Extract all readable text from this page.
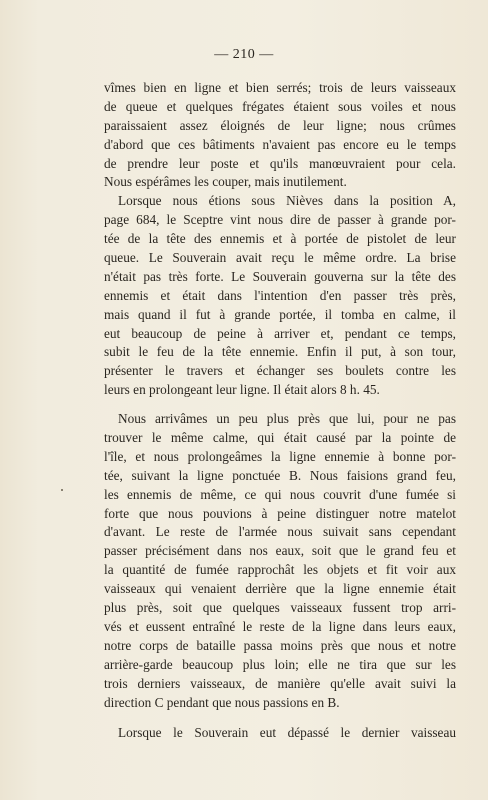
— 210 —
vîmes bien en ligne et bien serrés; trois de leurs vaisseaux
de queue et quelques frégates étaient sous voiles et nous
paraissaient assez éloignés de leur ligne; nous crûmes
d'abord que ces bâtiments n'avaient pas encore eu le temps
de prendre leur poste et qu'ils manœuvraient pour cela.
Nous espérâmes les couper, mais inutilement.
Lorsque nous étions sous Nièves dans la position A,
page 684, le Sceptre vint nous dire de passer à grande por-
tée de la tête des ennemis et à portée de pistolet de leur
queue. Le Souverain avait reçu le même ordre. La brise
n'était pas très forte. Le Souverain gouverna sur la tête des
ennemis et était dans l'intention d'en passer très près,
mais quand il fut à grande portée, il tomba en calme, il
eut beaucoup de peine à arriver et, pendant ce temps,
subit le feu de la tête ennemie. Enfin il put, à son tour,
présenter le travers et échanger ses boulets contre les
leurs en prolongeant leur ligne. Il était alors 8 h. 45.
Nous arrivâmes un peu plus près que lui, pour ne pas
trouver le même calme, qui était causé par la pointe de
l'île, et nous prolongeâmes la ligne ennemie à bonne por-
tée, suivant la ligne ponctuée B. Nous faisions grand feu,
les ennemis de même, ce qui nous couvrit d'une fumée si
forte que nous pouvions à peine distinguer notre matelot
d'avant. Le reste de l'armée nous suivait sans cependant
passer précisément dans nos eaux, soit que le grand feu et
la quantité de fumée rapprochât les objets et fit voir aux
vaisseaux qui venaient derrière que la ligne ennemie était
plus près, soit que quelques vaisseaux fussent trop arri-
vés et eussent entraîné le reste de la ligne dans leurs eaux,
notre corps de bataille passa moins près que nous et notre
arrière-garde beaucoup plus loin; elle ne tira que sur les
trois derniers vaisseaux, de manière qu'elle avait suivi la
direction C pendant que nous passions en B.
Lorsque le Souverain eut dépassé le dernier vaisseau
